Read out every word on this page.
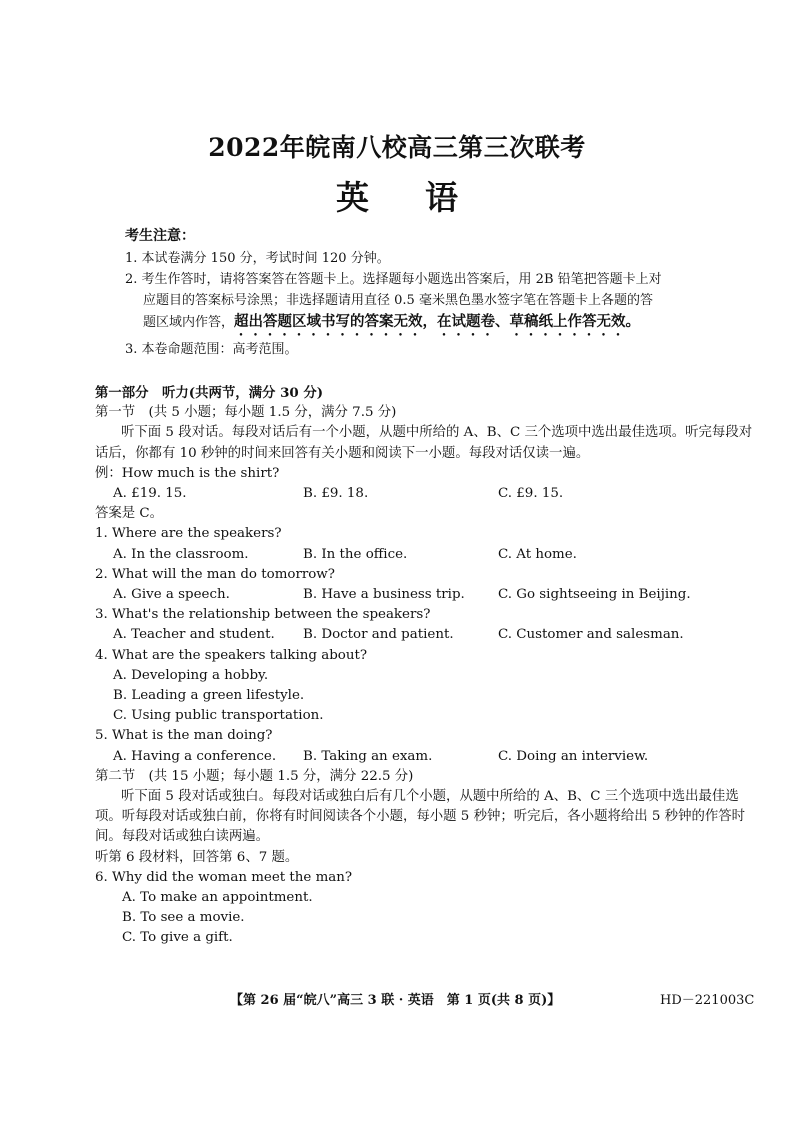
2022年皖南八校高三第三次联考
英 语
考生注意：

1. 本试卷满分 150 分，考试时间 120 分钟。

2. 考生作答时，请将答案答在答题卡上。选择题每小题选出答案后，用 2B 铅笔把答题卡上对

应题目的答案标号涂黑；非选择题请用直径 0.5 毫米黑色墨水签字笔在答题卡上各题的答

题区域内作答，超出答题区域书写的答案无效，在试题卷、草稿纸上作答无效。

3. 本卷命题范围：高考范围。

第一部分　听力(共两节，满分 30 分)

第一节　(共 5 小题；每小题 1.5 分，满分 7.5 分)

听下面 5 段对话。每段对话后有一个小题，从题中所给的 A、B、C 三个选项中选出最佳选项。听完每段对话后，你都有 10 秒钟的时间来回答有关小题和阅读下一小题。每段对话仅读一遍。

例：How much is the shirt?

A. £19. 15.	B. £9. 18.	C. £9. 15.

答案是 C。

1. Where are the speakers?

A. In the classroom.	B. In the office.	C. At home.

2. What will the man do tomorrow?

A. Give a speech.	B. Have a business trip.	C. Go sightseeing in Beijing.

3. What's the relationship between the speakers?

A. Teacher and student.	B. Doctor and patient.	C. Customer and salesman.

4. What are the speakers talking about?

A. Developing a hobby.

B. Leading a green lifestyle.

C. Using public transportation.

5. What is the man doing?

A. Having a conference.	B. Taking an exam.	C. Doing an interview.

第二节　(共 15 小题；每小题 1.5 分，满分 22.5 分)

听下面 5 段对话或独白。每段对话或独白后有几个小题，从题中所给的 A、B、C 三个选项中选出最佳选项。听每段对话或独白前，你将有时间阅读各个小题，每小题 5 秒钟；听完后，各小题将给出 5 秒钟的作答时间。每段对话或独白读两遍。

听第 6 段材料，回答第 6、7 题。

6. Why did the woman meet the man?

A. To make an appointment.

B. To see a movie.

C. To give a gift.

【第 26 届“皖八”高三 3 联 · 英语　第 1 页(共 8 页)】	HD－221003C
